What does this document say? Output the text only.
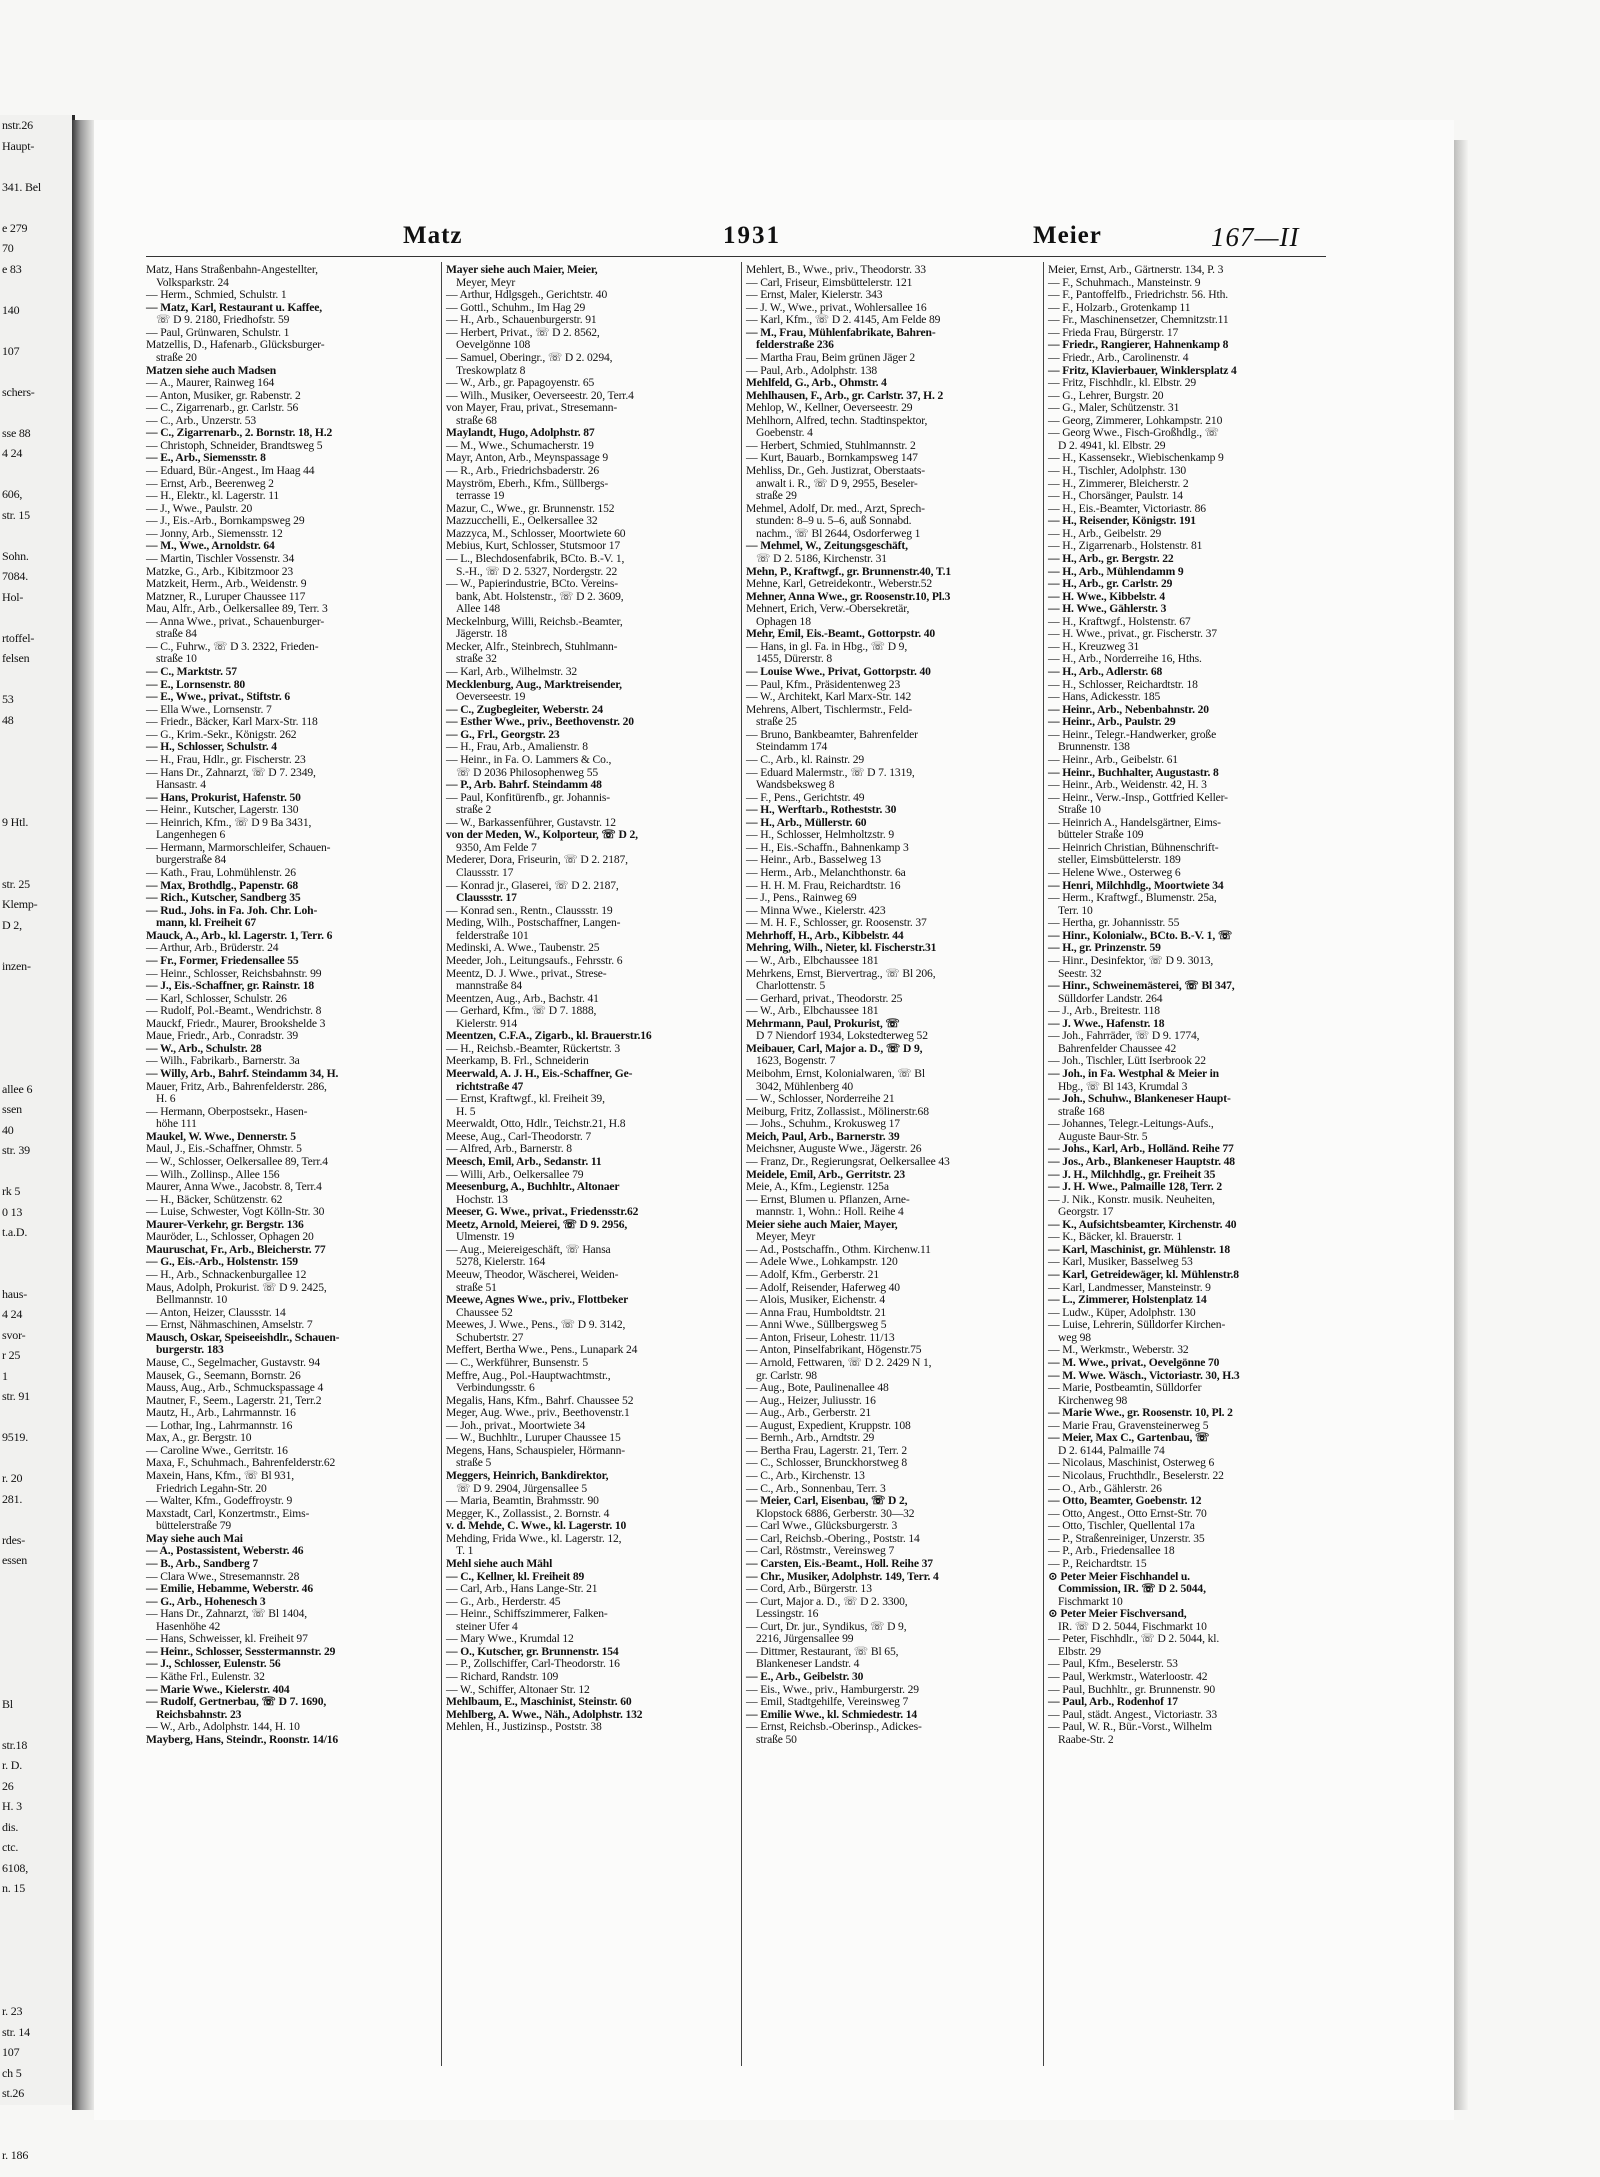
nstr.26
Haupt-

341. Bel

e 279
70
e 83

140

107

schers-

sse 88
4 24

606,
str. 15

Sohn.
7084.
Hol-

rtoffel-
felsen

53
48

9 Htl.

str. 25
Klemp-
D 2,

inzen-

allee 6
ssen
40
str. 39

rk 5
0 13
t.a.D.

haus-
4 24
svor-
r 25
1
str. 91

9519.

r. 20
281.

rdes-
essen

Bl

str.18
r. D.
26
H. 3
dis.
ctc.
6108,
n. 15

r. 23
str. 14
107
ch 5
st.26

r. 186
Matz	1931	Meier	167—II
Matz, Hans Straßenbahn-Angestellter,
Volksparkstr. 24
— Herm., Schmied, Schulstr. 1
— Matz, Karl, Restaurant u. Kaffee,
☏ D 9. 2180, Friedhofstr. 59
— Paul, Grünwaren, Schulstr. 1
Matzellis, D., Hafenarb., Glücksburger-
straße 20
Matzen siehe auch Madsen
— A., Maurer, Rainweg 164
— Anton, Musiker, gr. Rabenstr. 2
— C., Zigarrenarb., gr. Carlstr. 56
— C., Arb., Unzerstr. 53
— C., Zigarrenarb., 2. Bornstr. 18, H.2
— Christoph, Schneider, Brandtsweg 5
— E., Arb., Siemensstr. 8
— Eduard, Bür.-Angest., Im Haag 44
— Ernst, Arb., Beerenweg 2
— H., Elektr., kl. Lagerstr. 11
— J., Wwe., Paulstr. 20
— J., Eis.-Arb., Bornkampsweg 29
— Jonny, Arb., Siemensstr. 12
— M., Wwe., Arnoldstr. 64
— Martin, Tischler Vossenstr. 34
Matzke, G., Arb., Kibitzmoor 23
Matzkeit, Herm., Arb., Weidenstr. 9
Matzner, R., Luruper Chaussee 117
Mau, Alfr., Arb., Oelkersallee 89, Terr. 3
— Anna Wwe., privat., Schauenburger-
straße 84
— C., Fuhrw., ☏ D 3. 2322, Frieden-
straße 10
— C., Marktstr. 57
— E., Lornsenstr. 80
— E., Wwe., privat., Stiftstr. 6
— Ella Wwe., Lornsenstr. 7
— Friedr., Bäcker, Karl Marx-Str. 118
— G., Krim.-Sekr., Königstr. 262
— H., Schlosser, Schulstr. 4
— H., Frau, Hdlr., gr. Fischerstr. 23
— Hans Dr., Zahnarzt, ☏ D 7. 2349,
Hansastr. 4
— Hans, Prokurist, Hafenstr. 50
— Heinr., Kutscher, Lagerstr. 130
— Heinrich, Kfm., ☏ D 9 Ba 3431,
Langenhegen 6
— Hermann, Marmorschleifer, Schauen-
burgerstraße 84
— Kath., Frau, Lohmühlenstr. 26
— Max, Brothdlg., Papenstr. 68
— Rich., Kutscher, Sandberg 35
— Rud., Johs. in Fa. Joh. Chr. Loh-
mann, kl. Freiheit 67
Mauck, A., Arb., kl. Lagerstr. 1, Terr. 6
— Arthur, Arb., Brüderstr. 24
— Fr., Former, Friedensallee 55
— Heinr., Schlosser, Reichsbahnstr. 99
— J., Eis.-Schaffner, gr. Rainstr. 18
— Karl, Schlosser, Schulstr. 26
— Rudolf, Pol.-Beamt., Wendrichstr. 8
Mauckf, Friedr., Maurer, Brookshelde 3
Maue, Friedr., Arb., Conradstr. 39
— W., Arb., Schulstr. 28
— Wilh., Fabrikarb., Barnerstr. 3a
— Willy, Arb., Bahrf. Steindamm 34, H.
Mauer, Fritz, Arb., Bahrenfelderstr. 286,
H. 6
— Hermann, Oberpostsekr., Hasen-
höhe 111
Maukel, W. Wwe., Dennerstr. 5
Maul, J., Eis.-Schaffner, Ohmstr. 5
— W., Schlosser, Oelkersallee 89, Terr.4
— Wilh., Zollinsp., Allee 156
Maurer, Anna Wwe., Jacobstr. 8, Terr.4
— H., Bäcker, Schützenstr. 62
— Luise, Schwester, Vogt Kölln-Str. 30
Maurer-Verkehr, gr. Bergstr. 136
Mauröder, L., Schlosser, Ophagen 20
Mauruschat, Fr., Arb., Bleicherstr. 77
— G., Eis.-Arb., Holstenstr. 159
— H., Arb., Schnackenburgallee 12
Maus, Adolph, Prokurist. ☏ D 9. 2425,
Bellmannstr. 10
— Anton, Heizer, Claussstr. 14
— Ernst, Nähmaschinen, Amselstr. 7
Mausch, Oskar, Speiseeishdlr., Schauen-
burgerstr. 183
Mause, C., Segelmacher, Gustavstr. 94
Mausek, G., Seemann, Bornstr. 26
Mauss, Aug., Arb., Schmuckspassage 4
Mautner, F., Seem., Lagerstr. 21, Terr.2
Mautz, H., Arb., Lahrmannstr. 16
— Lothar, Ing., Lahrmannstr. 16
Max, A., gr. Bergstr. 10
— Caroline Wwe., Gerritstr. 16
Maxa, F., Schuhmach., Bahrenfelderstr.62
Maxein, Hans, Kfm., ☏ Bl 931,
Friedrich Legahn-Str. 20
— Walter, Kfm., Godeffroystr. 9
Maxstadt, Carl, Konzertmstr., Eims-
büttelerstraße 79
May siehe auch Mai
— A., Postassistent, Weberstr. 46
— B., Arb., Sandberg 7
— Clara Wwe., Stresemannstr. 28
— Emilie, Hebamme, Weberstr. 46
— G., Arb., Hohenesch 3
— Hans Dr., Zahnarzt, ☏ Bl 1404,
Hasenhöhe 42
— Hans, Schweisser, kl. Freiheit 97
— Heinr., Schlosser, Sesstermannstr. 29
— J., Schlosser, Eulenstr. 56
— Käthe Frl., Eulenstr. 32
— Marie Wwe., Kielerstr. 404
— Rudolf, Gertnerbau, ☏ D 7. 1690,
Reichsbahnstr. 23
— W., Arb., Adolphstr. 144, H. 10
Mayberg, Hans, Steindr., Roonstr. 14/16
Mayer siehe auch Maier, Meier,
Meyer, Meyr
— Arthur, Hdlgsgeh., Gerichtstr. 40
— Gottl., Schuhm., Im Hag 29
— H., Arb., Schauenburgerstr. 91
— Herbert, Privat., ☏ D 2. 8562,
Oevelgönne 108
— Samuel, Oberingr., ☏ D 2. 0294,
Treskowplatz 8
— W., Arb., gr. Papagoyenstr. 65
— Wilh., Musiker, Oeverseestr. 20, Terr.4
von Mayer, Frau, privat., Stresemann-
straße 68
Maylandt, Hugo, Adolphstr. 87
— M., Wwe., Schumacherstr. 19
Mayr, Anton, Arb., Meynspassage 9
— R., Arb., Friedrichsbaderstr. 26
Mayström, Eberh., Kfm., Süllbergs-
terrasse 19
Mazur, C., Wwe., gr. Brunnenstr. 152
Mazzucchelli, E., Oelkersallee 32
Mazzyca, M., Schlosser, Moortwiete 60
Mebius, Kurt, Schlosser, Stutsmoor 17
— L., Blechdosenfabrik, BCto. B.-V. 1,
S.-H., ☏ D 2. 5327, Nordergstr. 22
— W., Papierindustrie, BCto. Vereins-
bank, Abt. Holstenstr., ☏ D 2. 3609,
Allee 148
Meckelnburg, Willi, Reichsb.-Beamter,
Jägerstr. 18
Mecker, Alfr., Steinbrech, Stuhlmann-
straße 32
— Karl, Arb., Wilhelmstr. 32
Mecklenburg, Aug., Marktreisender,
Oeverseestr. 19
— C., Zugbegleiter, Weberstr. 24
— Esther Wwe., priv., Beethovenstr. 20
— G., Frl., Georgstr. 23
— H., Frau, Arb., Amalienstr. 8
— Heinr., in Fa. O. Lammers & Co.,
☏ D 2036 Philosophenweg 55
— P., Arb. Bahrf. Steindamm 48
— Paul, Konfitürenfb., gr. Johannis-
straße 2
— W., Barkassenführer, Gustavstr. 12
von der Meden, W., Kolporteur, ☏ D 2,
9350, Am Felde 7
Mederer, Dora, Friseurin, ☏ D 2. 2187,
Claussstr. 17
— Konrad jr., Glaserei, ☏ D 2. 2187,
Claussstr. 17
— Konrad sen., Rentn., Claussstr. 19
Meding, Wilh., Postschaffner, Langen-
felderstraße 101
Medinski, A. Wwe., Taubenstr. 25
Meeder, Joh., Leitungsaufs., Fehrsstr. 6
Meentz, D. J. Wwe., privat., Strese-
mannstraße 84
Meentzen, Aug., Arb., Bachstr. 41
— Gerhard, Kfm., ☏ D 7. 1888,
Kielerstr. 914
Meentzen, C.F.A., Zigarb., kl. Brauerstr.16
— H., Reichsb.-Beamter, Rückertstr. 3
Meerkamp, B. Frl., Schneiderin
Meerwald, A. J. H., Eis.-Schaffner, Ge-
richtstraße 47
— Ernst, Kraftwgf., kl. Freiheit 39,
H. 5
Meerwaldt, Otto, Hdlr., Teichstr.21, H.8
Meese, Aug., Carl-Theodorstr. 7
— Alfred, Arb., Barnerstr. 8
Meesch, Emil, Arb., Sedanstr. 11
— Willi, Arb., Oelkersallee 79
Meesenburg, A., Buchhltr., Altonaer
Hochstr. 13
Meeser, G. Wwe., privat., Friedensstr.62
Meetz, Arnold, Meierei, ☏ D 9. 2956,
Ulmenstr. 19
— Aug., Meiereigeschäft, ☏ Hansa
5278, Kielerstr. 164
Meeuw, Theodor, Wäscherei, Weiden-
straße 51
Meewe, Agnes Wwe., priv., Flottbeker
Chaussee 52
Meewes, J. Wwe., Pens., ☏ D 9. 3142,
Schubertstr. 27
Meffert, Bertha Wwe., Pens., Lunapark 24
— C., Werkführer, Bunsenstr. 5
Meffre, Aug., Pol.-Hauptwachtmstr.,
Verbindungsstr. 6
Megalis, Hans, Kfm., Bahrf. Chaussee 52
Meger, Aug. Wwe., priv., Beethovenstr.1
— Joh., privat., Moortwiete 34
— W., Buchhltr., Luruper Chaussee 15
Megens, Hans, Schauspieler, Hörmann-
straße 5
Meggers, Heinrich, Bankdirektor,
☏ D 9. 2904, Jürgensallee 5
— Maria, Beamtin, Brahmsstr. 90
Megger, K., Zollassist., 2. Bornstr. 4
v. d. Mehde, C. Wwe., kl. Lagerstr. 10
Mehding, Frida Wwe., kl. Lagerstr. 12,
T. 1
Mehl siehe auch Mähl
— C., Kellner, kl. Freiheit 89
— Carl, Arb., Hans Lange-Str. 21
— G., Arb., Herderstr. 45
— Heinr., Schiffszimmerer, Falken-
steiner Ufer 4
— Mary Wwe., Krumdal 12
— O., Kutscher, gr. Brunnenstr. 154
— P., Zollschiffer, Carl-Theodorstr. 16
— Richard, Randstr. 109
— W., Schiffer, Altonaer Str. 12
Mehlbaum, E., Maschinist, Steinstr. 60
Mehlberg, A. Wwe., Näh., Adolphstr. 132
Mehlen, H., Justizinsp., Poststr. 38
Mehlert, B., Wwe., priv., Theodorstr. 33
— Carl, Friseur, Eimsbüttelerstr. 121
— Ernst, Maler, Kielerstr. 343
— J. W., Wwe., privat., Wohlersallee 16
— Karl, Kfm., ☏ D 2. 4145, Am Felde 89
— M., Frau, Mühlenfabrikate, Bahren-
felderstraße 236
— Martha Frau, Beim grünen Jäger 2
— Paul, Arb., Adolphstr. 138
Mehlfeld, G., Arb., Ohmstr. 4
Mehlhausen, F., Arb., gr. Carlstr. 37, H. 2
Mehlop, W., Kellner, Oeverseestr. 29
Mehlhorn, Alfred, techn. Stadtinspektor,
Goebenstr. 4
— Herbert, Schmied, Stuhlmannstr. 2
— Kurt, Bauarb., Bornkampsweg 147
Mehliss, Dr., Geh. Justizrat, Oberstaats-
anwalt i. R., ☏ D 9, 2955, Beseler-
straße 29
Mehmel, Adolf, Dr. med., Arzt, Sprech-
stunden: 8–9 u. 5–6, auß Sonnabd.
nachm., ☏ Bl 2644, Osdorferweg 1
— Mehmel, W., Zeitungsgeschäft,
☏ D 2. 5186, Kirchenstr. 31
Mehn, P., Kraftwgf., gr. Brunnenstr.40, T.1
Mehne, Karl, Getreidekontr., Weberstr.52
Mehner, Anna Wwe., gr. Roosenstr.10, Pl.3
Mehnert, Erich, Verw.-Obersekretär,
Ophagen 18
Mehr, Emil, Eis.-Beamt., Gottorpstr. 40
— Hans, in gl. Fa. in Hbg., ☏ D 9,
1455, Dürerstr. 8
— Louise Wwe., Privat, Gottorpstr. 40
— Paul, Kfm., Präsidentenweg 23
— W., Architekt, Karl Marx-Str. 142
Mehrens, Albert, Tischlermstr., Feld-
straße 25
— Bruno, Bankbeamter, Bahrenfelder
Steindamm 174
— C., Arb., kl. Rainstr. 29
— Eduard Malermstr., ☏ D 7. 1319,
Wandsbeksweg 8
— F., Pens., Gerichtstr. 49
— H., Werftarb., Rotheststr. 30
— H., Arb., Müllerstr. 60
— H., Schlosser, Helmholtzstr. 9
— H., Eis.-Schaffn., Bahnenkamp 3
— Heinr., Arb., Basselweg 13
— Herm., Arb., Melanchthonstr. 6a
— H. H. M. Frau, Reichardtstr. 16
— J., Pens., Rainweg 69
— Minna Wwe., Kielerstr. 423
— M. H. F., Schlosser, gr. Roosenstr. 37
Mehrhoff, H., Arb., Kibbelstr. 44
Mehring, Wilh., Nieter, kl. Fischerstr.31
— W., Arb., Elbchaussee 181
Mehrkens, Ernst, Biervertrag., ☏ Bl 206,
Charlottenstr. 5
— Gerhard, privat., Theodorstr. 25
— W., Arb., Elbchaussee 181
Mehrmann, Paul, Prokurist, ☏
D 7 Niendorf 1934, Lokstedterweg 52
Meibauer, Carl, Major a. D., ☏ D 9,
1623, Bogenstr. 7
Meibohm, Ernst, Kolonialwaren, ☏ Bl
3042, Mühlenberg 40
— W., Schlosser, Norderreihe 21
Meiburg, Fritz, Zollassist., Mölinerstr.68
— Johs., Schuhm., Krokusweg 17
Meich, Paul, Arb., Barnerstr. 39
Meichsner, Auguste Wwe., Jägerstr. 26
— Franz, Dr., Regierungsrat, Oelkersallee 43
Meidele, Emil, Arb., Gerritstr. 23
Meie, A., Kfm., Legienstr. 125a
— Ernst, Blumen u. Pflanzen, Arne-
mannstr. 1, Wohn.: Holl. Reihe 4
Meier siehe auch Maier, Mayer,
Meyer, Meyr
— Ad., Postschaffn., Othm. Kirchenw.11
— Adele Wwe., Lohkampstr. 120
— Adolf, Kfm., Gerberstr. 21
— Adolf, Reisender, Haferweg 40
— Alois, Musiker, Eichenstr. 4
— Anna Frau, Humboldtstr. 21
— Anni Wwe., Süllbergsweg 5
— Anton, Friseur, Lohestr. 11/13
— Anton, Pinselfabrikant, Högenstr.75
— Arnold, Fettwaren, ☏ D 2. 2429 N 1,
gr. Carlstr. 98
— Aug., Bote, Paulinenallee 48
— Aug., Heizer, Juliusstr. 16
— Aug., Arb., Gerberstr. 21
— August, Expedient, Kruppstr. 108
— Bernh., Arb., Arndtstr. 29
— Bertha Frau, Lagerstr. 21, Terr. 2
— C., Schlosser, Brunckhorstweg 8
— C., Arb., Kirchenstr. 13
— C., Arb., Sonnenbau, Terr. 3
— Meier, Carl, Eisenbau, ☏ D 2,
Klopstock 6886, Gerberstr. 30—32
— Carl Wwe., Glücksburgerstr. 3
— Carl, Reichsb.-Obering., Poststr. 14
— Carl, Röstmstr., Vereinsweg 7
— Carsten, Eis.-Beamt., Holl. Reihe 37
— Chr., Musiker, Adolphstr. 149, Terr. 4
— Cord, Arb., Bürgerstr. 13
— Curt, Major a. D., ☏ D 2. 3300,
Lessingstr. 16
— Curt, Dr. jur., Syndikus, ☏ D 9,
2216, Jürgensallee 99
— Dittmer, Restaurant, ☏ Bl 65,
Blankeneser Landstr. 4
— E., Arb., Geibelstr. 30
— Eis., Wwe., priv., Hamburgerstr. 29
— Emil, Stadtgehilfe, Vereinsweg 7
— Emilie Wwe., kl. Schmiedestr. 14
— Ernst, Reichsb.-Oberinsp., Adickes-
straße 50
Meier, Ernst, Arb., Gärtnerstr. 134, P. 3
— F., Schuhmach., Mansteinstr. 9
— F., Pantoffelfb., Friedrichstr. 56. Hth.
— F., Holzarb., Grotenkamp 11
— Fr., Maschinensetzer, Chemnitzstr.11
— Frieda Frau, Bürgerstr. 17
— Friedr., Rangierer, Hahnenkamp 8
— Friedr., Arb., Carolinenstr. 4
— Fritz, Klavierbauer, Winklersplatz 4
— Fritz, Fischhdlr., kl. Elbstr. 29
— G., Lehrer, Burgstr. 20
— G., Maler, Schützenstr. 31
— Georg, Zimmerer, Lohkampstr. 210
— Georg Wwe., Fisch-Großhdlg., ☏
D 2. 4941, kl. Elbstr. 29
— H., Kassensekr., Wiebischenkamp 9
— H., Tischler, Adolphstr. 130
— H., Zimmerer, Bleicherstr. 2
— H., Chorsänger, Paulstr. 14
— H., Eis.-Beamter, Victoriastr. 86
— H., Reisender, Königstr. 191
— H., Arb., Geibelstr. 29
— H., Zigarrenarb., Holstenstr. 81
— H., Arb., gr. Bergstr. 22
— H., Arb., Mühlendamm 9
— H., Arb., gr. Carlstr. 29
— H. Wwe., Kibbelstr. 4
— H. Wwe., Gählerstr. 3
— H., Kraftwgf., Holstenstr. 67
— H. Wwe., privat., gr. Fischerstr. 37
— H., Kreuzweg 31
— H., Arb., Norderreihe 16, Hths.
— H., Arb., Adlerstr. 68
— H., Schlosser, Reichardtstr. 18
— Hans, Adickesstr. 185
— Heinr., Arb., Nebenbahnstr. 20
— Heinr., Arb., Paulstr. 29
— Heinr., Telegr.-Handwerker, große
Brunnenstr. 138
— Heinr., Arb., Geibelstr. 61
— Heinr., Buchhalter, Augustastr. 8
— Heinr., Arb., Weidenstr. 42, H. 3
— Heinr., Verw.-Insp., Gottfried Keller-
Straße 10
— Heinrich A., Handelsgärtner, Eims-
bütteler Straße 109
— Heinrich Christian, Bühnenschrift-
steller, Eimsbüttelerstr. 189
— Helene Wwe., Osterweg 6
— Henri, Milchhdlg., Moortwiete 34
— Herm., Kraftwgf., Blumenstr. 25a,
Terr. 10
— Hertha, gr. Johannisstr. 55
— Hinr., Kolonialw., BCto. B.-V. 1, ☏
— H., gr. Prinzenstr. 59
— Hinr., Desinfektor, ☏ D 9. 3013,
Seestr. 32
— Hinr., Schweinemästerei, ☏ Bl 347,
Sülldorfer Landstr. 264
— J., Arb., Breitestr. 118
— J. Wwe., Hafenstr. 18
— Joh., Fahrräder, ☏ D 9. 1774,
Bahrenfelder Chaussee 42
— Joh., Tischler, Lütt Iserbrook 22
— Joh., in Fa. Westphal & Meier in
Hbg., ☏ Bl 143, Krumdal 3
— Joh., Schuhw., Blankeneser Haupt-
straße 168
— Johannes, Telegr.-Leitungs-Aufs.,
Auguste Baur-Str. 5
— Johs., Karl, Arb., Holländ. Reihe 77
— Jos., Arb., Blankeneser Hauptstr. 48
— J. H., Milchhdlg., gr. Freiheit 35
— J. H. Wwe., Palmaille 128, Terr. 2
— J. Nik., Konstr. musik. Neuheiten,
Georgstr. 17
— K., Aufsichtsbeamter, Kirchenstr. 40
— K., Bäcker, kl. Brauerstr. 1
— Karl, Maschinist, gr. Mühlenstr. 18
— Karl, Musiker, Basselweg 53
— Karl, Getreidewäger, kl. Mühlenstr.8
— Karl, Landmesser, Mansteinstr. 9
— L., Zimmerer, Holstenplatz 14
— Ludw., Küper, Adolphstr. 130
— Luise, Lehrerin, Sülldorfer Kirchen-
weg 98
— M., Werkmstr., Weberstr. 32
— M. Wwe., privat., Oevelgönne 70
— M. Wwe. Wäsch., Victoriastr. 30, H.3
— Marie, Postbeamtin, Sülldorfer
Kirchenweg 98
— Marie Wwe., gr. Roosenstr. 10, Pl. 2
— Marie Frau, Gravensteinerweg 5
— Meier, Max C., Gartenbau, ☏
D 2. 6144, Palmaille 74
— Nicolaus, Maschinist, Osterweg 6
— Nicolaus, Fruchthdlr., Beselerstr. 22
— O., Arb., Gählerstr. 26
— Otto, Beamter, Goebenstr. 12
— Otto, Angest., Otto Ernst-Str. 70
— Otto, Tischler, Quellental 17a
— P., Straßenreiniger, Unzerstr. 35
— P., Arb., Friedensallee 18
— P., Reichardtstr. 15
⊙ Peter Meier Fischhandel u.
Commission, IR. ☏ D 2. 5044,
Fischmarkt 10
⊙ Peter Meier Fischversand,
IR. ☏ D 2. 5044, Fischmarkt 10
— Peter, Fischhdlr., ☏ D 2. 5044, kl.
Elbstr. 29
— Paul, Kfm., Beselerstr. 53
— Paul, Werkmstr., Waterloostr. 42
— Paul, Buchhltr., gr. Brunnenstr. 90
— Paul, Arb., Rodenhof 17
— Paul, städt. Angest., Victoriastr. 33
— Paul, W. R., Bür.-Vorst., Wilhelm
Raabe-Str. 2
